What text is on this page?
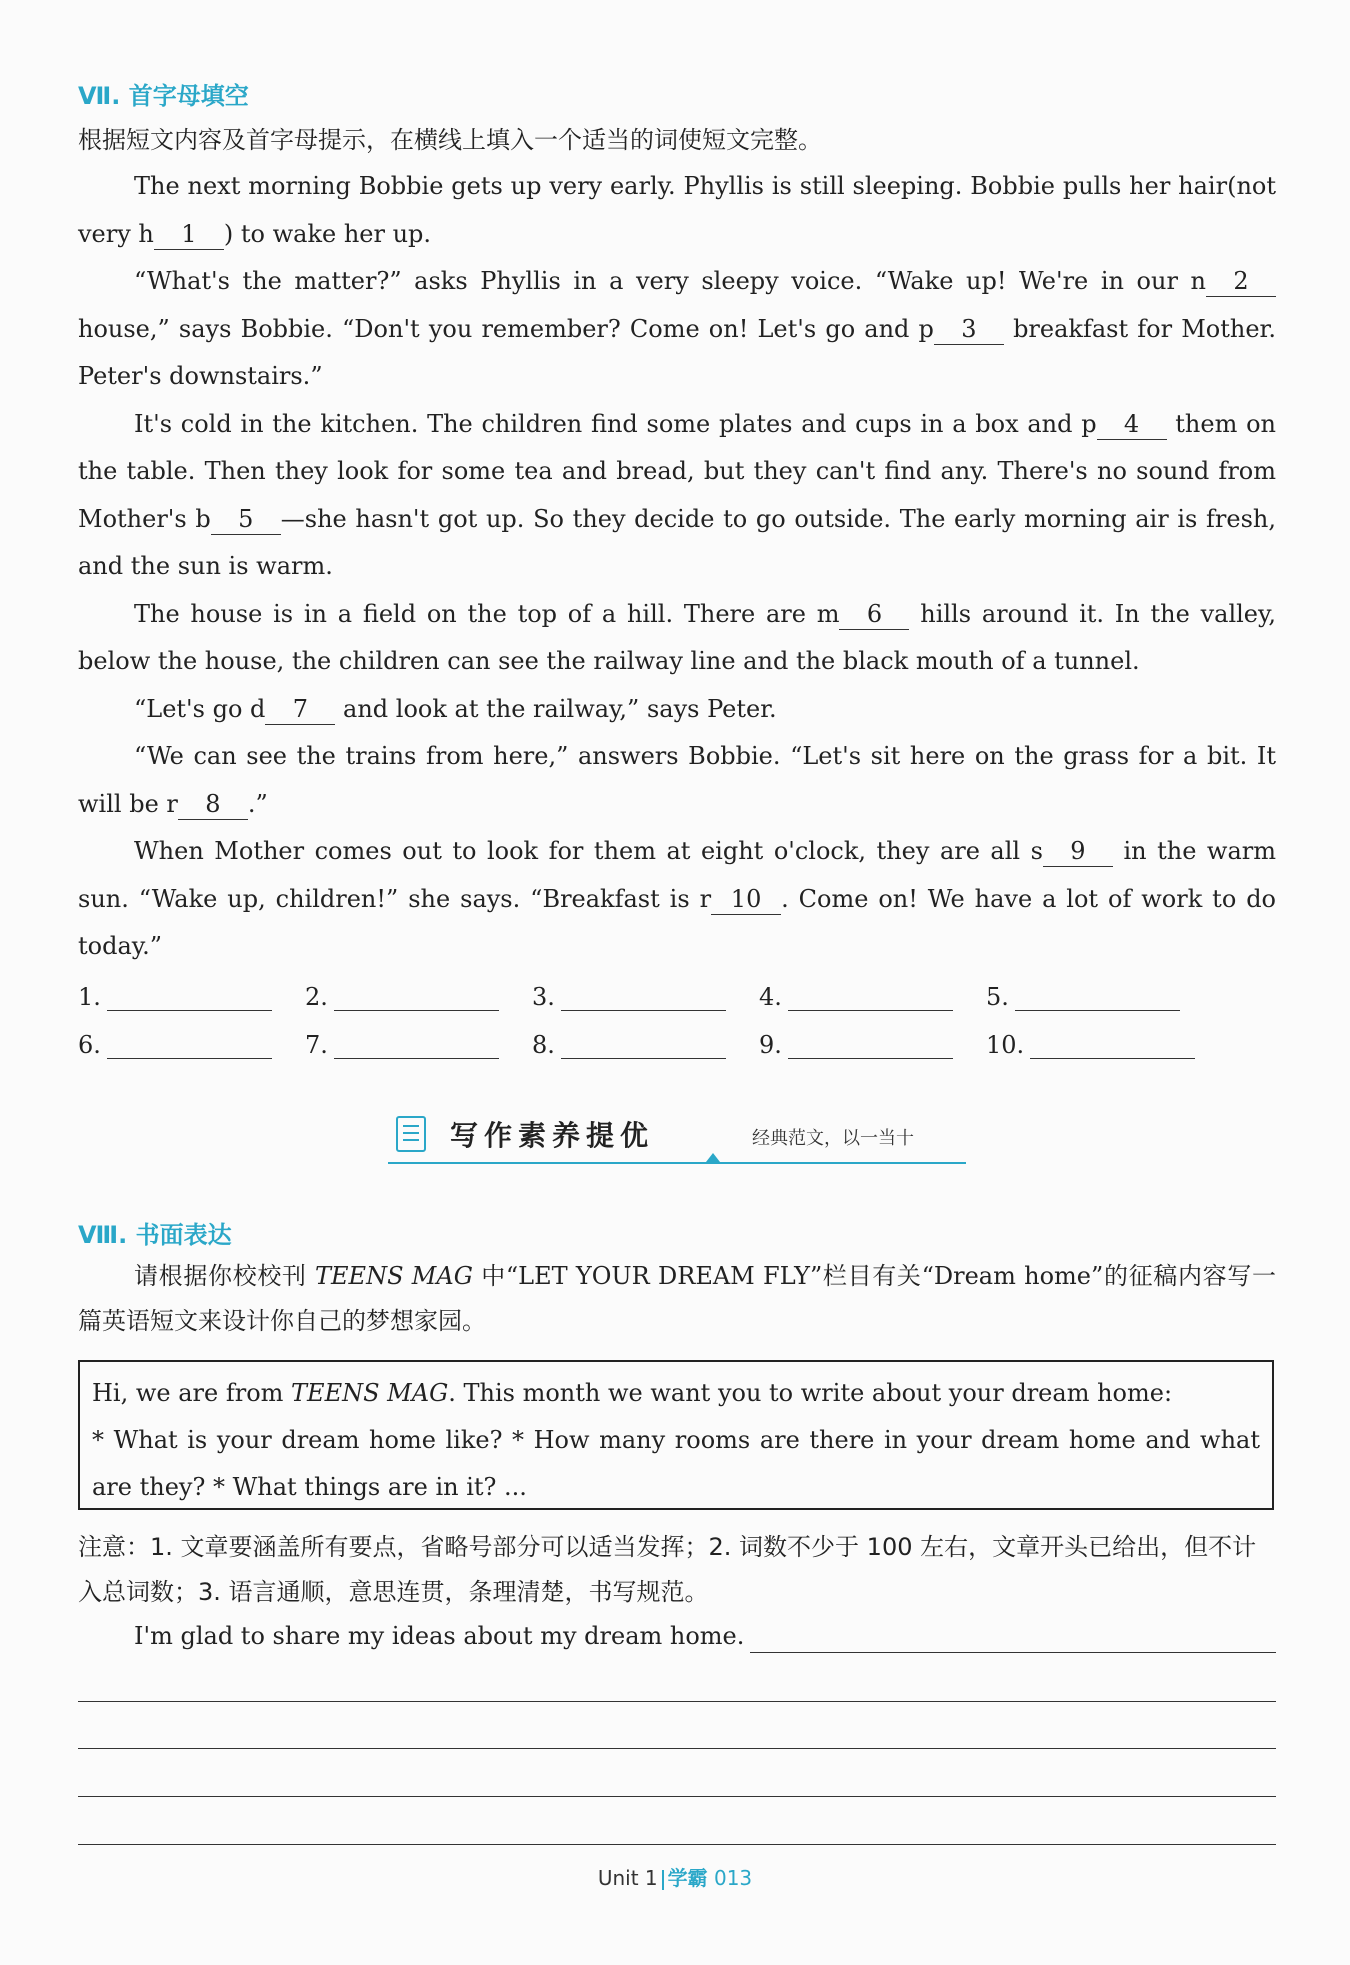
Ⅶ. 首字母填空
根据短文内容及首字母提示，在横线上填入一个适当的词使短文完整。

The next morning Bobbie gets up very early. Phyllis is still sleeping. Bobbie pulls her hair(not very h 1 ) to wake her up.

“What's the matter?” asks Phyllis in a very sleepy voice. “Wake up! We're in our n 2 house,” says Bobbie. “Don't you remember? Come on! Let's go and p 3 breakfast for Mother. Peter's downstairs.”

It's cold in the kitchen. The children find some plates and cups in a box and p 4 them on the table. Then they look for some tea and bread, but they can't find any. There's no sound from Mother's b 5 —she hasn't got up. So they decide to go outside. The early morning air is fresh, and the sun is warm.

The house is in a field on the top of a hill. There are m 6 hills around it. In the valley, below the house, the children can see the railway line and the black mouth of a tunnel.

“Let's go d 7 and look at the railway,” says Peter.

“We can see the trains from here,” answers Bobbie. “Let's sit here on the grass for a bit. It will be r 8 .”

When Mother comes out to look for them at eight o'clock, they are all s 9 in the warm sun. “Wake up, children!” she says. “Breakfast is r 10 . Come on! We have a lot of work to do today.”

1.	2.	3.	4.	5.
6.	7.	8.	9.	10.
写作素养提优	经典范文，以一当十
Ⅷ. 书面表达

请根据你校校刊 TEENS MAG 中“LET YOUR DREAM FLY”栏目有关“Dream home”的征稿内容写一篇英语短文来设计你自己的梦想家园。

Hi, we are from TEENS MAG. This month we want you to write about your dream home:
* What is your dream home like? * How many rooms are there in your dream home and what are they? * What things are in it? ...
注意：1. 文章要涵盖所有要点，省略号部分可以适当发挥；2. 词数不少于 100 左右，文章开头已给出，但不计入总词数；3. 语言通顺，意思连贯，条理清楚，书写规范。

I'm glad to share my ideas about my dream home.

Unit 1 学霸 013
